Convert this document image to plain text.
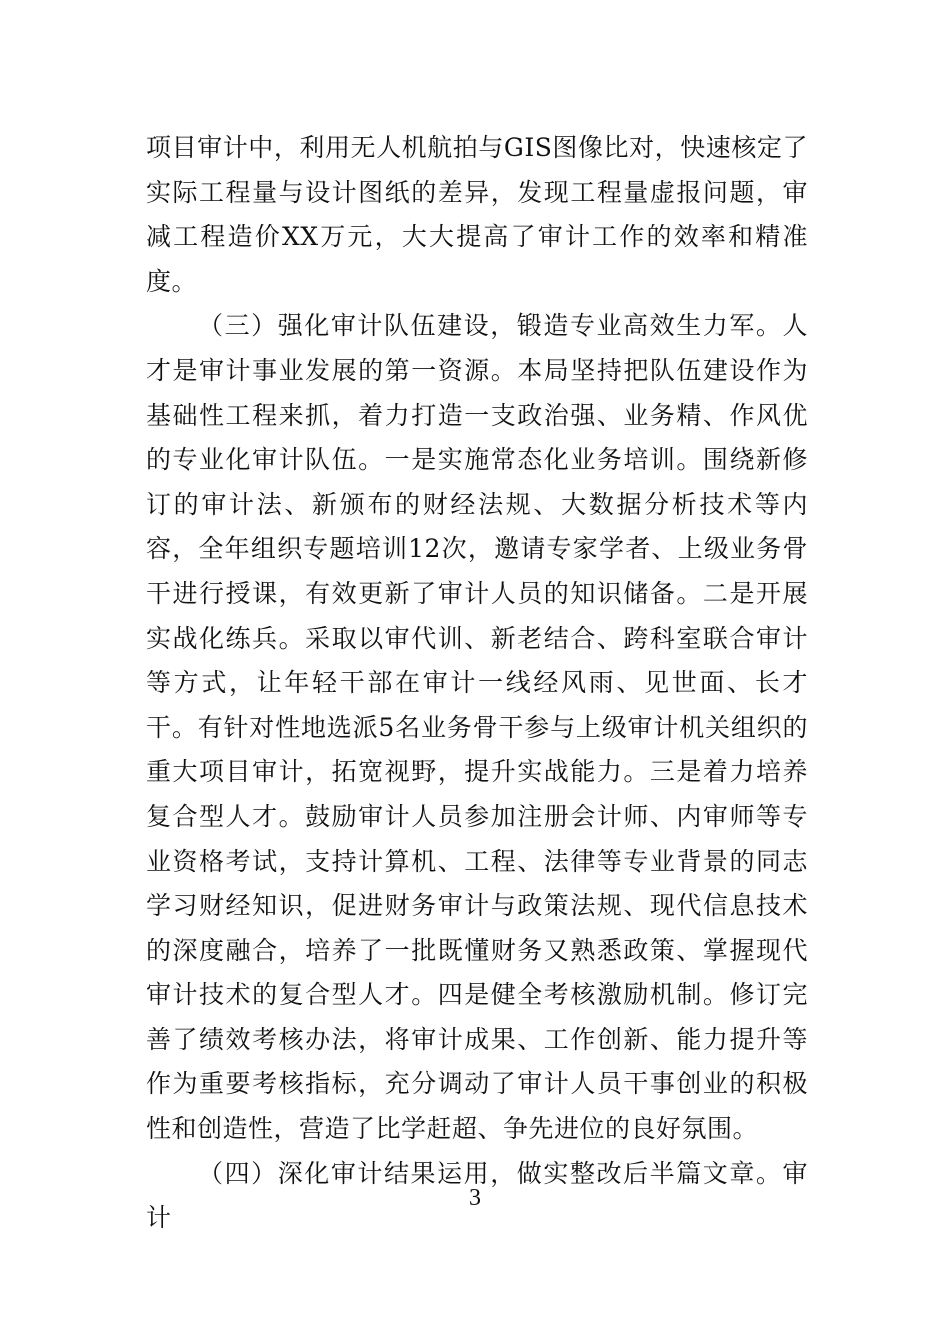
项目审计中，利用无人机航拍与GIS图像比对，快速核定了实际工程量与设计图纸的差异，发现工程量虚报问题，审减工程造价XX万元，大大提高了审计工作的效率和精准度。

（三）强化审计队伍建设，锻造专业高效生力军。人才是审计事业发展的第一资源。本局坚持把队伍建设作为基础性工程来抓，着力打造一支政治强、业务精、作风优的专业化审计队伍。一是实施常态化业务培训。围绕新修订的审计法、新颁布的财经法规、大数据分析技术等内容，全年组织专题培训12次，邀请专家学者、上级业务骨干进行授课，有效更新了审计人员的知识储备。二是开展实战化练兵。采取以审代训、新老结合、跨科室联合审计等方式，让年轻干部在审计一线经风雨、见世面、长才干。有针对性地选派5名业务骨干参与上级审计机关组织的重大项目审计，拓宽视野，提升实战能力。三是着力培养复合型人才。鼓励审计人员参加注册会计师、内审师等专业资格考试，支持计算机、工程、法律等专业背景的同志学习财经知识，促进财务审计与政策法规、现代信息技术的深度融合，培养了一批既懂财务又熟悉政策、掌握现代审计技术的复合型人才。四是健全考核激励机制。修订完善了绩效考核办法，将审计成果、工作创新、能力提升等作为重要考核指标，充分调动了审计人员干事创业的积极性和创造性，营造了比学赶超、争先进位的良好氛围。

（四）深化审计结果运用，做实整改后半篇文章。审计

3
